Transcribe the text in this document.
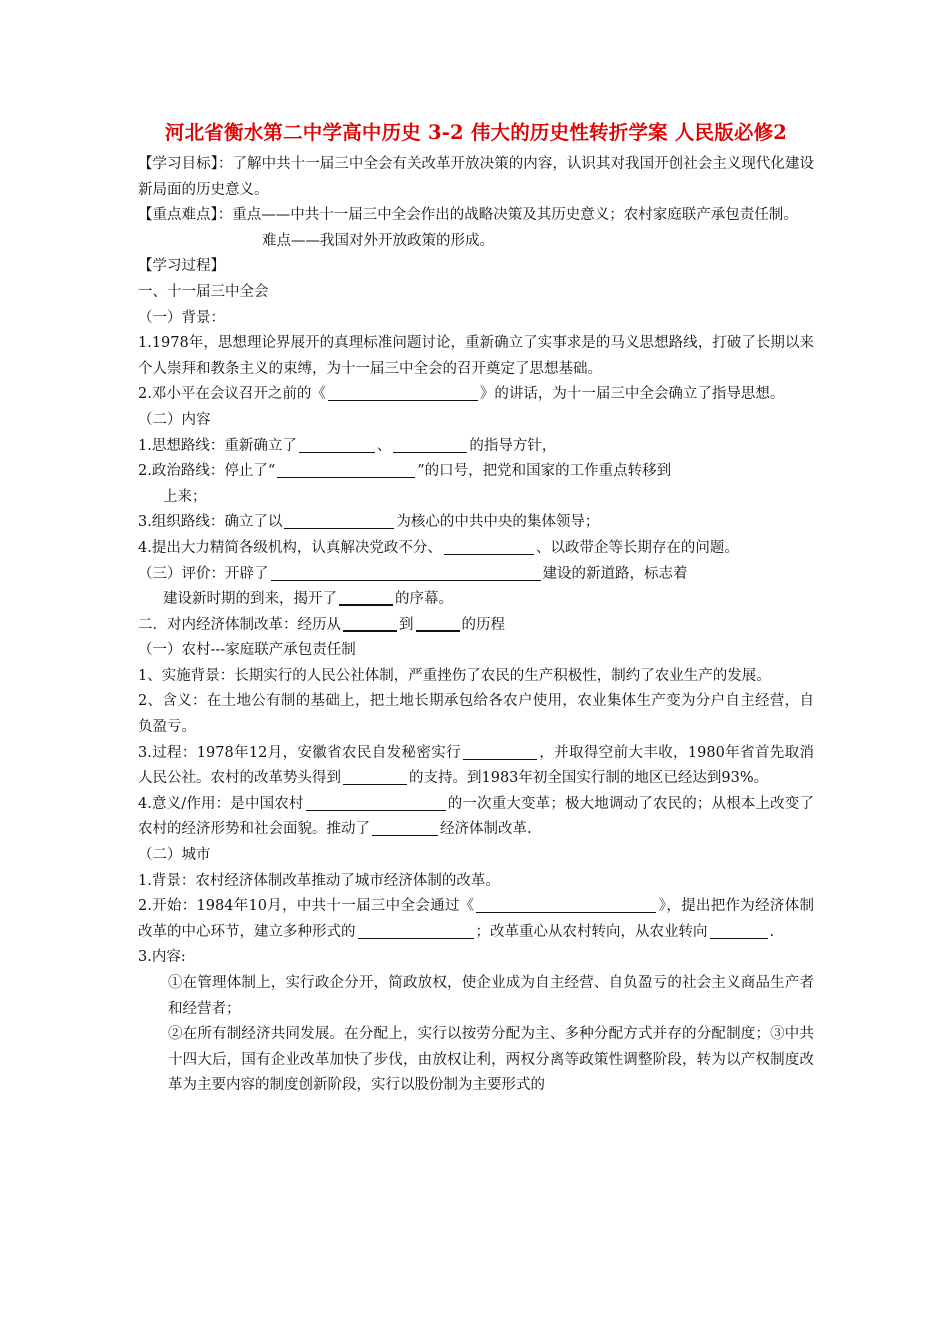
河北省衡水第二中学高中历史 3-2 伟大的历史性转折学案 人民版必修2

【学习目标】：了解中共十一届三中全会有关改革开放决策的内容，认识其对我国开创社会主义现代化建设新局面的历史意义。

【重点难点】：重点——中共十一届三中全会作出的战略决策及其历史意义；农村家庭联产承包责任制。

难点——我国对外开放政策的形成。

【学习过程】

一、十一届三中全会

（一）背景：

1.1978年，思想理论界展开的真理标准问题讨论，重新确立了实事求是的马义思想路线，打破了长期以来个人崇拜和教条主义的束缚，为十一届三中全会的召开奠定了思想基础。

2.邓小平在会议召开之前的《	》的讲话，为十一届三中全会确立了指导思想。

（二）内容

1.思想路线：重新确立了	、	的指导方针，

2.政治路线：停止了“	”的口号，把党和国家的工作重点转移到
上来；

3.组织路线：确立了以	为核心的中共中央的集体领导；

4.提出大力精简各级机构，认真解决党政不分、	、以政带企等长期存在的问题。

（三）评价：开辟了	建设的新道路，标志着
建设新时期的到来，揭开了	的序幕。

二．对内经济体制改革：经历从	到	的历程

（一）农村---家庭联产承包责任制

1、实施背景：长期实行的人民公社体制，严重挫伤了农民的生产积极性，制约了农业生产的发展。

2、含义：在土地公有制的基础上，把土地长期承包给各农户使用，农业集体生产变为分户自主经营，自负盈亏。

3.过程：1978年12月，安徽省农民自发秘密实行	，并取得空前大丰收，1980年省首先取消人民公社。农村的改革势头得到	的支持。到1983年初全国实行制的地区已经达到93%。

4.意义/作用：是中国农村	的一次重大变革；极大地调动了农民的；从根本上改变了农村的经济形势和社会面貌。推动了	经济体制改革.

（二）城市

1.背景：农村经济体制改革推动了城市经济体制的改革。

2.开始：1984年10月，中共十一届三中全会通过《	》，提出把作为经济体制改革的中心环节，建立多种形式的	；改革重心从农村转向，从农业转向	.

3.内容:

①在管理体制上，实行政企分开，简政放权，使企业成为自主经营、自负盈亏的社会主义商品生产者和经营者；

②在所有制经济共同发展。在分配上，实行以按劳分配为主、多种分配方式并存的分配制度；③中共十四大后，国有企业改革加快了步伐，由放权让利，两权分离等政策性调整阶段，转为以产权制度改革为主要内容的制度创新阶段，实行以股份制为主要形式的
